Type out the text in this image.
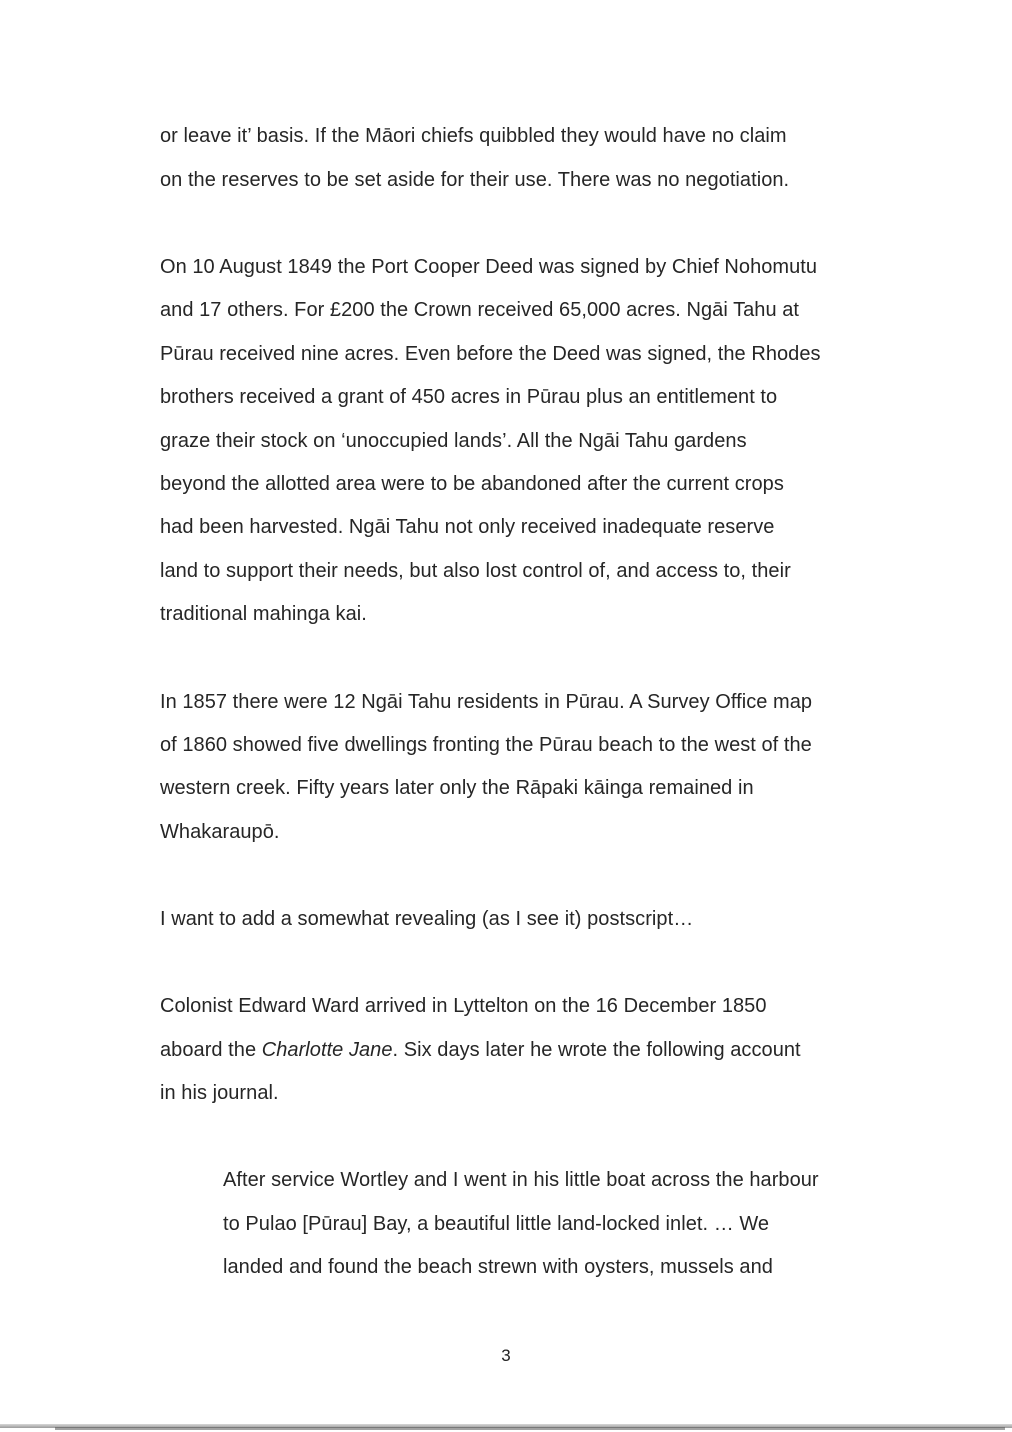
or leave it’ basis. If the Māori chiefs quibbled they would have no claim
on the reserves to be set aside for their use. There was no negotiation.
On 10 August 1849 the Port Cooper Deed was signed by Chief Nohomutu
and 17 others. For £200 the Crown received 65,000 acres. Ngāi Tahu at
Pūrau received nine acres. Even before the Deed was signed, the Rhodes
brothers received a grant of 450 acres in Pūrau plus an entitlement to
graze their stock on ‘unoccupied lands’. All the Ngāi Tahu gardens
beyond the allotted area were to be abandoned after the current crops
had been harvested. Ngāi Tahu not only received inadequate reserve
land to support their needs, but also lost control of, and access to, their
traditional mahinga kai.
In 1857 there were 12 Ngāi Tahu residents in Pūrau. A Survey Office map
of 1860 showed five dwellings fronting the Pūrau beach to the west of the
western creek. Fifty years later only the Rāpaki kāinga remained in
Whakaraupō.
I want to add a somewhat revealing (as I see it) postscript…
Colonist Edward Ward arrived in Lyttelton on the 16 December 1850
aboard the Charlotte Jane. Six days later he wrote the following account
in his journal.
After service Wortley and I went in his little boat across the harbour
to Pulao [Pūrau] Bay, a beautiful little land-locked inlet. … We
landed and found the beach strewn with oysters, mussels and
3
